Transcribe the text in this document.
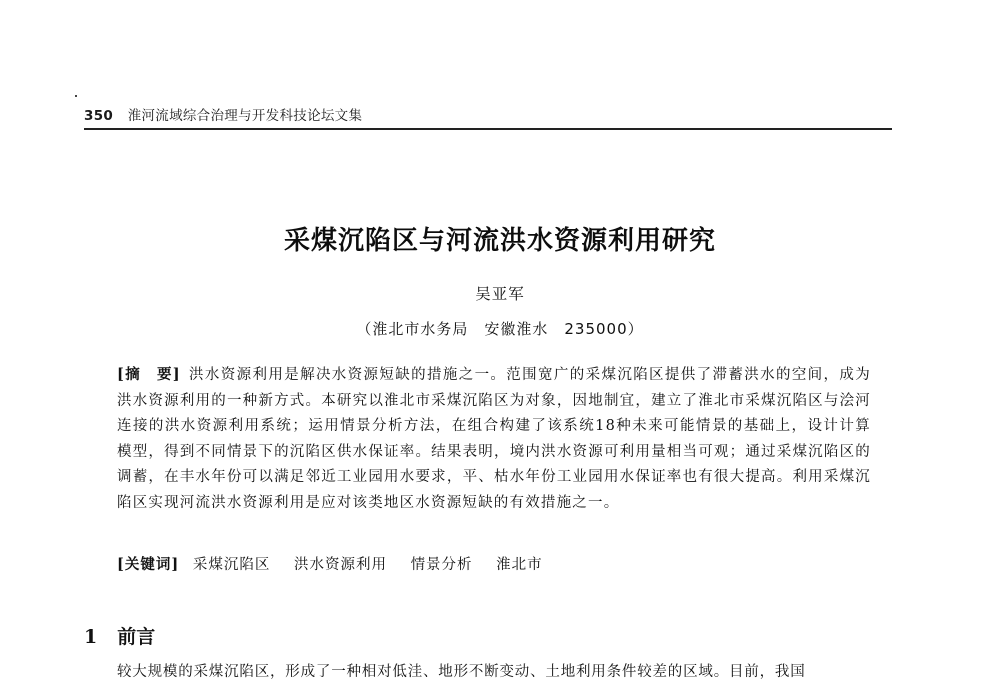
350 淮河流域综合治理与开发科技论坛文集
采煤沉陷区与河流洪水资源利用研究
吴亚军
（淮北市水务局　安徽淮水　235000）
[摘　要] 洪水资源利用是解决水资源短缺的措施之一。范围宽广的采煤沉陷区提供了滞蓄洪水的空间，成为洪水资源利用的一种新方式。本研究以淮北市采煤沉陷区为对象，因地制宜，建立了淮北市采煤沉陷区与浍河连接的洪水资源利用系统；运用情景分析方法，在组合构建了该系统18种未来可能情景的基础上，设计计算模型，得到不同情景下的沉陷区供水保证率。结果表明，境内洪水资源可利用量相当可观；通过采煤沉陷区的调蓄，在丰水年份可以满足邻近工业园用水要求，平、枯水年份工业园用水保证率也有很大提高。利用采煤沉陷区实现河流洪水资源利用是应对该类地区水资源短缺的有效措施之一。
[关键词] 采煤沉陷区 洪水资源利用 情景分析 淮北市
1 前言
较大规模的采煤沉陷区，形成了一种相对低洼、地形不断变动、土地利用条件较差的区域。目前，我国
